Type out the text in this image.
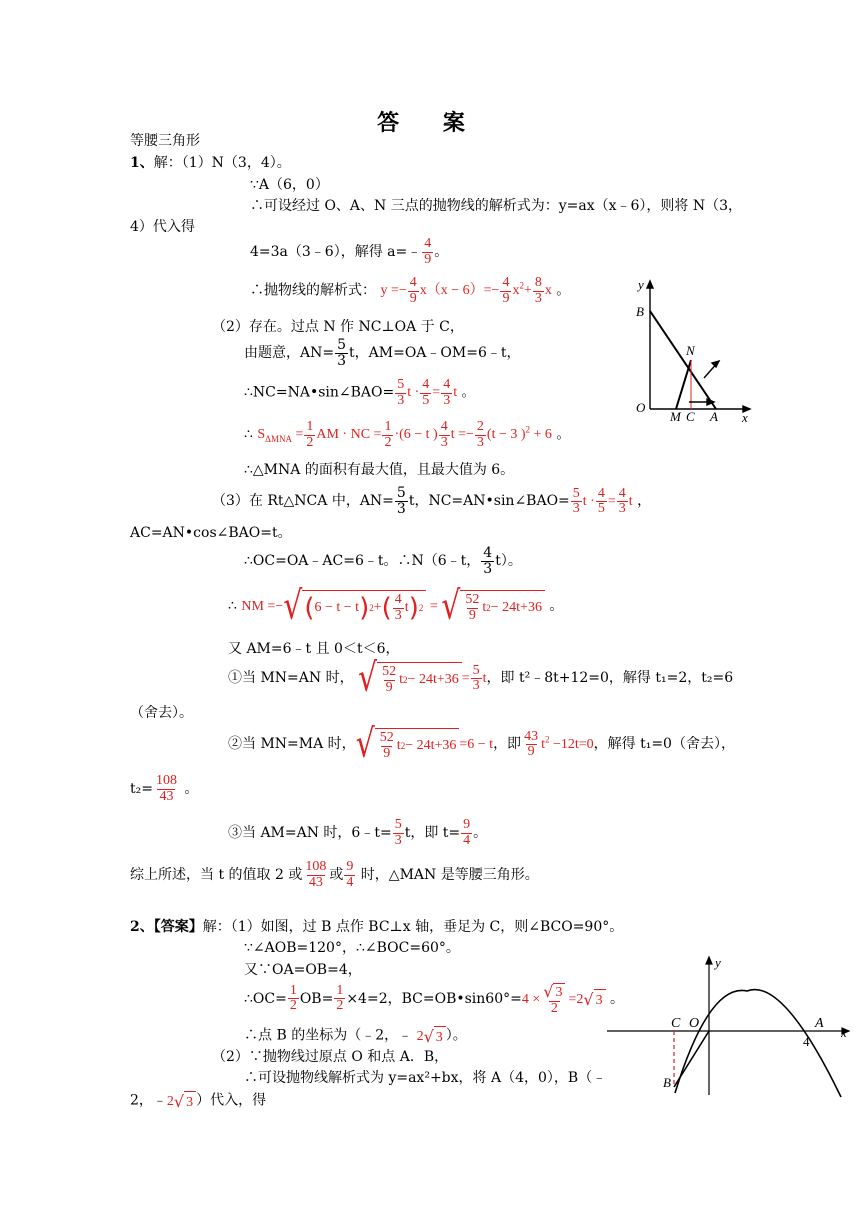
答 案
等腰三角形
1、解：（1）N（3，4）。
∵A（6，0）
∴可设经过 O、A、N 三点的抛物线的解析式为：y=ax（x﹣6），则将 N（3，
4）代入得
4=3a（3﹣6），解得 a=﹣ $\frac{4}{9}$ 。
∴抛物线的解析式： $y =- \frac{4}{9} x(x - 6)=- \frac{4}{9} x^2+ \frac{8}{3}$ x 。
（2）存在。过点 N 作 NC⊥OA 于 C，
由题意，$AN= \frac{5}{3}$ t，AM=OA﹣OM=6﹣t，
∴NC=NA•sin∠BAO= $\frac{5}{3}$ $t \cdot \frac{4}{5} = \frac{4}{3}$ t 。
∴ $S_{\Delta MNA} = \frac{1}{2}$ AM · NC = $\frac{1}{2} \cdot(6 - t$ ) $\frac{4}{3}$ $t =- \frac{2}{3} (t - 3$ )$^2$ + 6 。
∴△MNA 的面积有最大值，且最大值为 6。
（3）在 Rt△NCA 中，$AN= \frac{5}{3}$ t，NC=AN•sin∠BAO= $\frac{5}{3}$ $t \cdot \frac{4}{5} = \frac{4}{3}$ t ，
AC=AN•cos∠BAO=t。
∴OC=OA﹣AC=6﹣t。∴N（6﹣t， $\frac{4}{3} t$）。
∴ NM =− √ ( 6 − t − t ) 2 + ( $\frac{4}{3}$ t ) 2 = √ $\frac{52}{9}$ t 2 − 24t+36 。
又 AM=6﹣t 且 0＜t＜6，
①当 MN=AN 时， √ $\frac{52}{9}$ t $2 - 24t+36 = \frac{5}{3}$ t，即 t²﹣8t+12=0，解得 t₁=2，t₂=6
（舍去）。
②当 MN=MA 时， √ $\frac{52}{9}$ t 2 − 24t+36 =6 − t，即 $\frac{43}{9} t^2 -12t=0$，解得 t₁=0（舍去），
$t_2= \frac{108}{43}$ 。
③当 AM=AN 时，6﹣t= $\frac{5}{3}$ t，即 $t= \frac{9}{4}$ 。
综上所述，当 t 的值取 2 或 $\frac{108}{43}$ 或 $\frac{9}{4}$ 时，△MAN 是等腰三角形。
y
B
N
O
M C A x
2、【答案】解：（1）如图，过 B 点作 BC⊥x 轴，垂足为 C，则∠BCO=90°。
∵∠AOB=120°，∴∠BOC=60°。
又∵OA=OB=4，
∴OC= $\frac{1}{2} OB= \frac{1}{2} \times 4=2$，BC=OB•sin60°=4 × $\frac{√ 3}{2} =2$ √ 3 。
∴点 B 的坐标为（﹣2，﹣ 2 √ 3 ）。
（2）∵抛物线过原点 O 和点 A．B，
∴可设抛物线解析式为 y=ax²+bx，将 A（4，0），B（﹣
2，﹣2 √ 3 ）代入，得
y
C O	A
4
x
B
